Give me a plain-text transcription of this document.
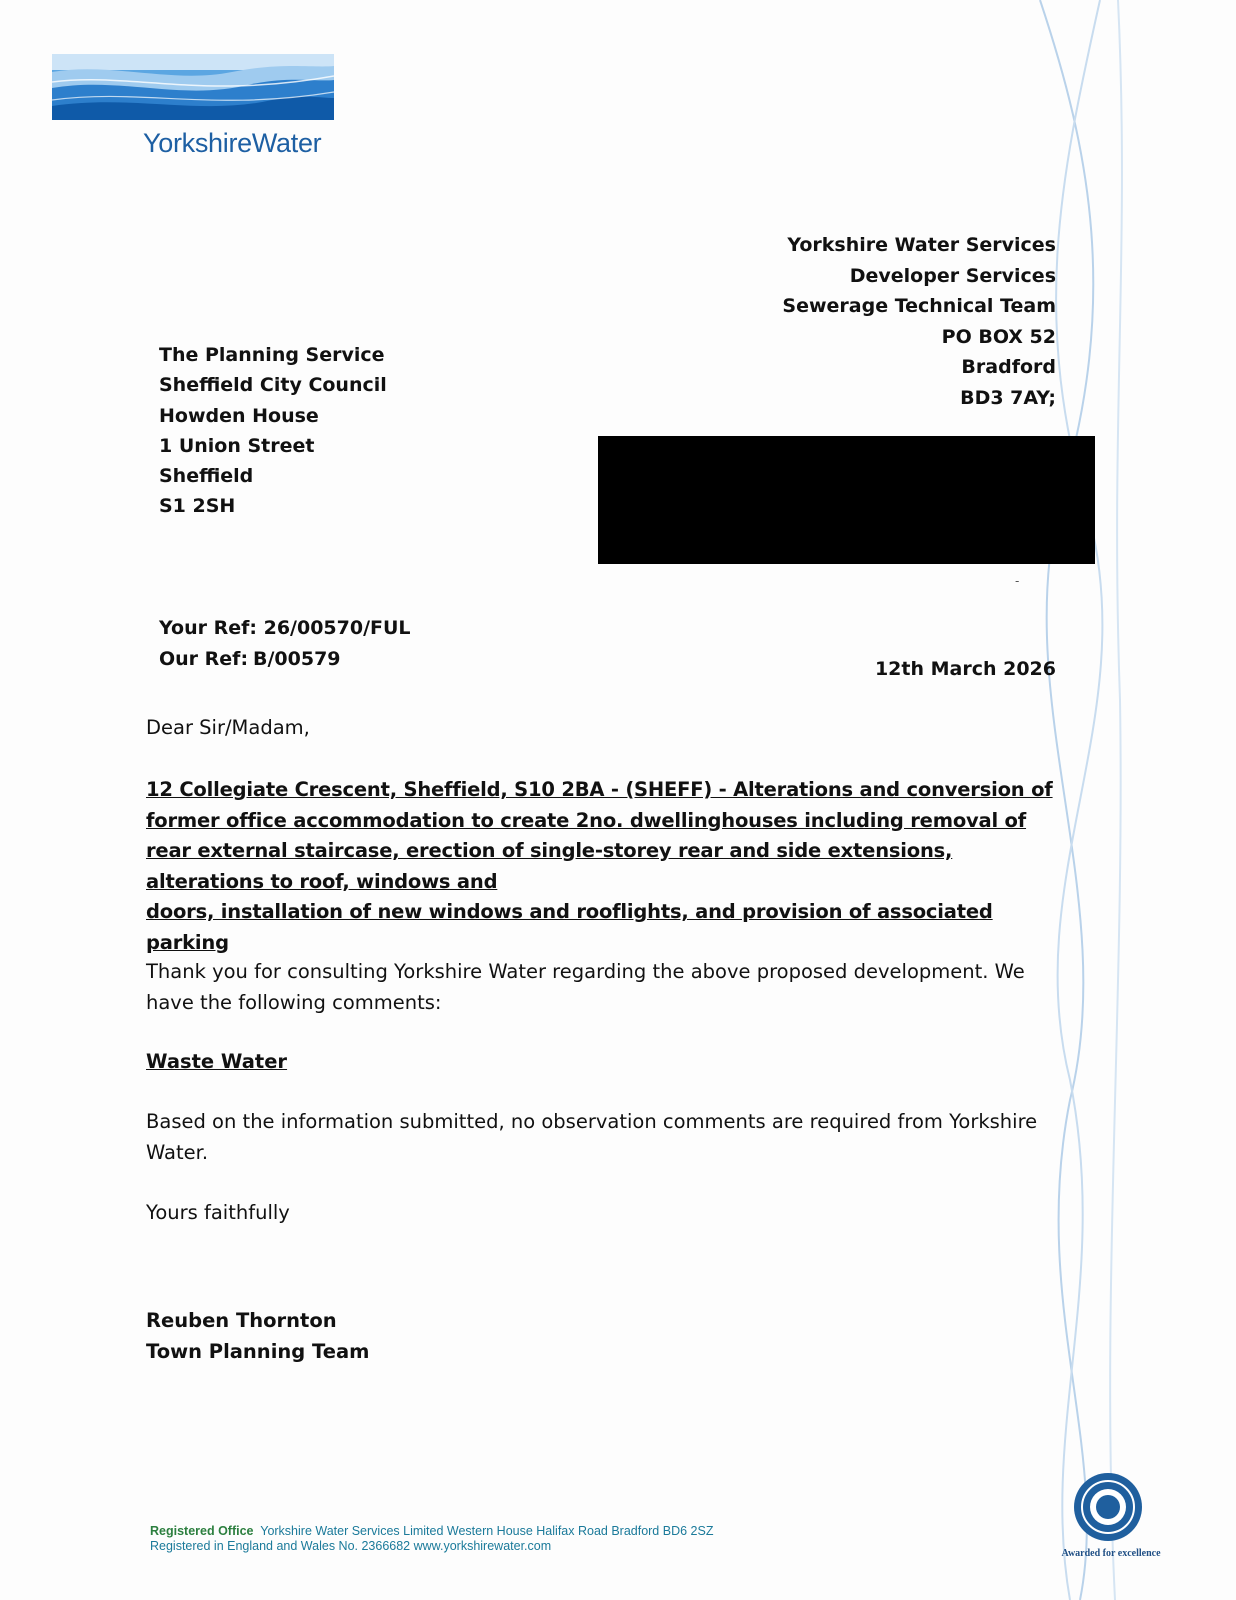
YorkshireWater
Yorkshire Water Services
Developer Services
Sewerage Technical Team
PO BOX 52
Bradford
BD3 7AY;
The Planning Service
Sheffield City Council
Howden House
1 Union Street
Sheffield
S1 2SH
-
Your Ref: 26/00570/FUL
Our Ref: B/00579	12th March 2026
Dear Sir/Madam,
12 Collegiate Crescent, Sheffield, S10 2BA - (SHEFF) - Alterations and conversion of former office accommodation to create 2no. dwellinghouses including removal of rear external staircase, erection of single-storey rear and side extensions, alterations to roof, windows and
doors, installation of new windows and rooflights, and provision of associated parking
Thank you for consulting Yorkshire Water regarding the above proposed development. We have the following comments:
Waste Water
Based on the information submitted, no observation comments are required from Yorkshire Water.
Yours faithfully
Reuben Thornton
Town Planning Team
Registered Office Yorkshire Water Services Limited Western House Halifax Road Bradford BD6 2SZ
Registered in England and Wales No. 2366682 www.yorkshirewater.com
Awarded for excellence
